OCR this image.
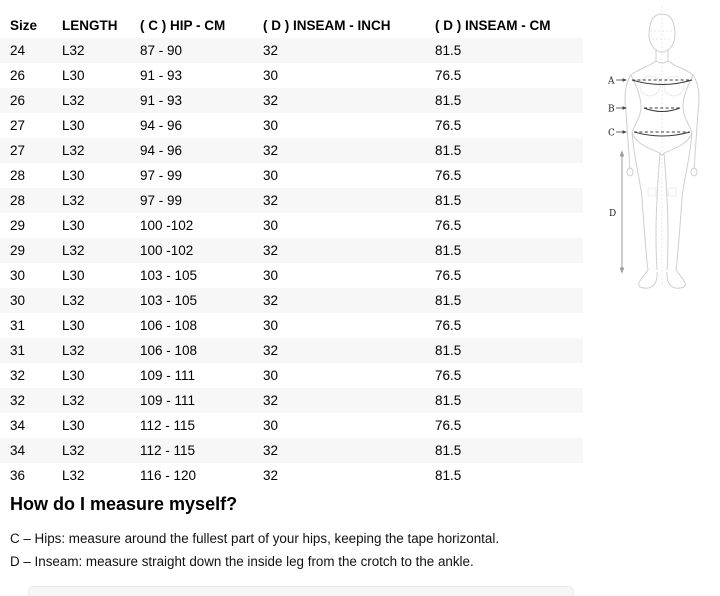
Size	LENGTH	( C ) HIP - CM	( D ) INSEAM - INCH	( D ) INSEAM - CM
24	L32	87 - 90	32	81.5
26	L30	91 - 93	30	76.5
26	L32	91 - 93	32	81.5
27	L30	94 - 96	30	76.5
27	L32	94 - 96	32	81.5
28	L30	97 - 99	30	76.5
28	L32	97 - 99	32	81.5
29	L30	100 -102	30	76.5
29	L32	100 -102	32	81.5
30	L30	103 - 105	30	76.5
30	L32	103 - 105	32	81.5
31	L30	106 - 108	30	76.5
31	L32	106 - 108	32	81.5
32	L30	109 - 111	30	76.5
32	L32	109 - 111	32	81.5
34	L30	112 - 115	30	76.5
34	L32	112 - 115	32	81.5
36	L32	116 - 120	32	81.5
A
B
C
D
How do I measure myself?
C – Hips: measure around the fullest part of your hips, keeping the tape horizontal.
D – Inseam: measure straight down the inside leg from the crotch to the ankle.
